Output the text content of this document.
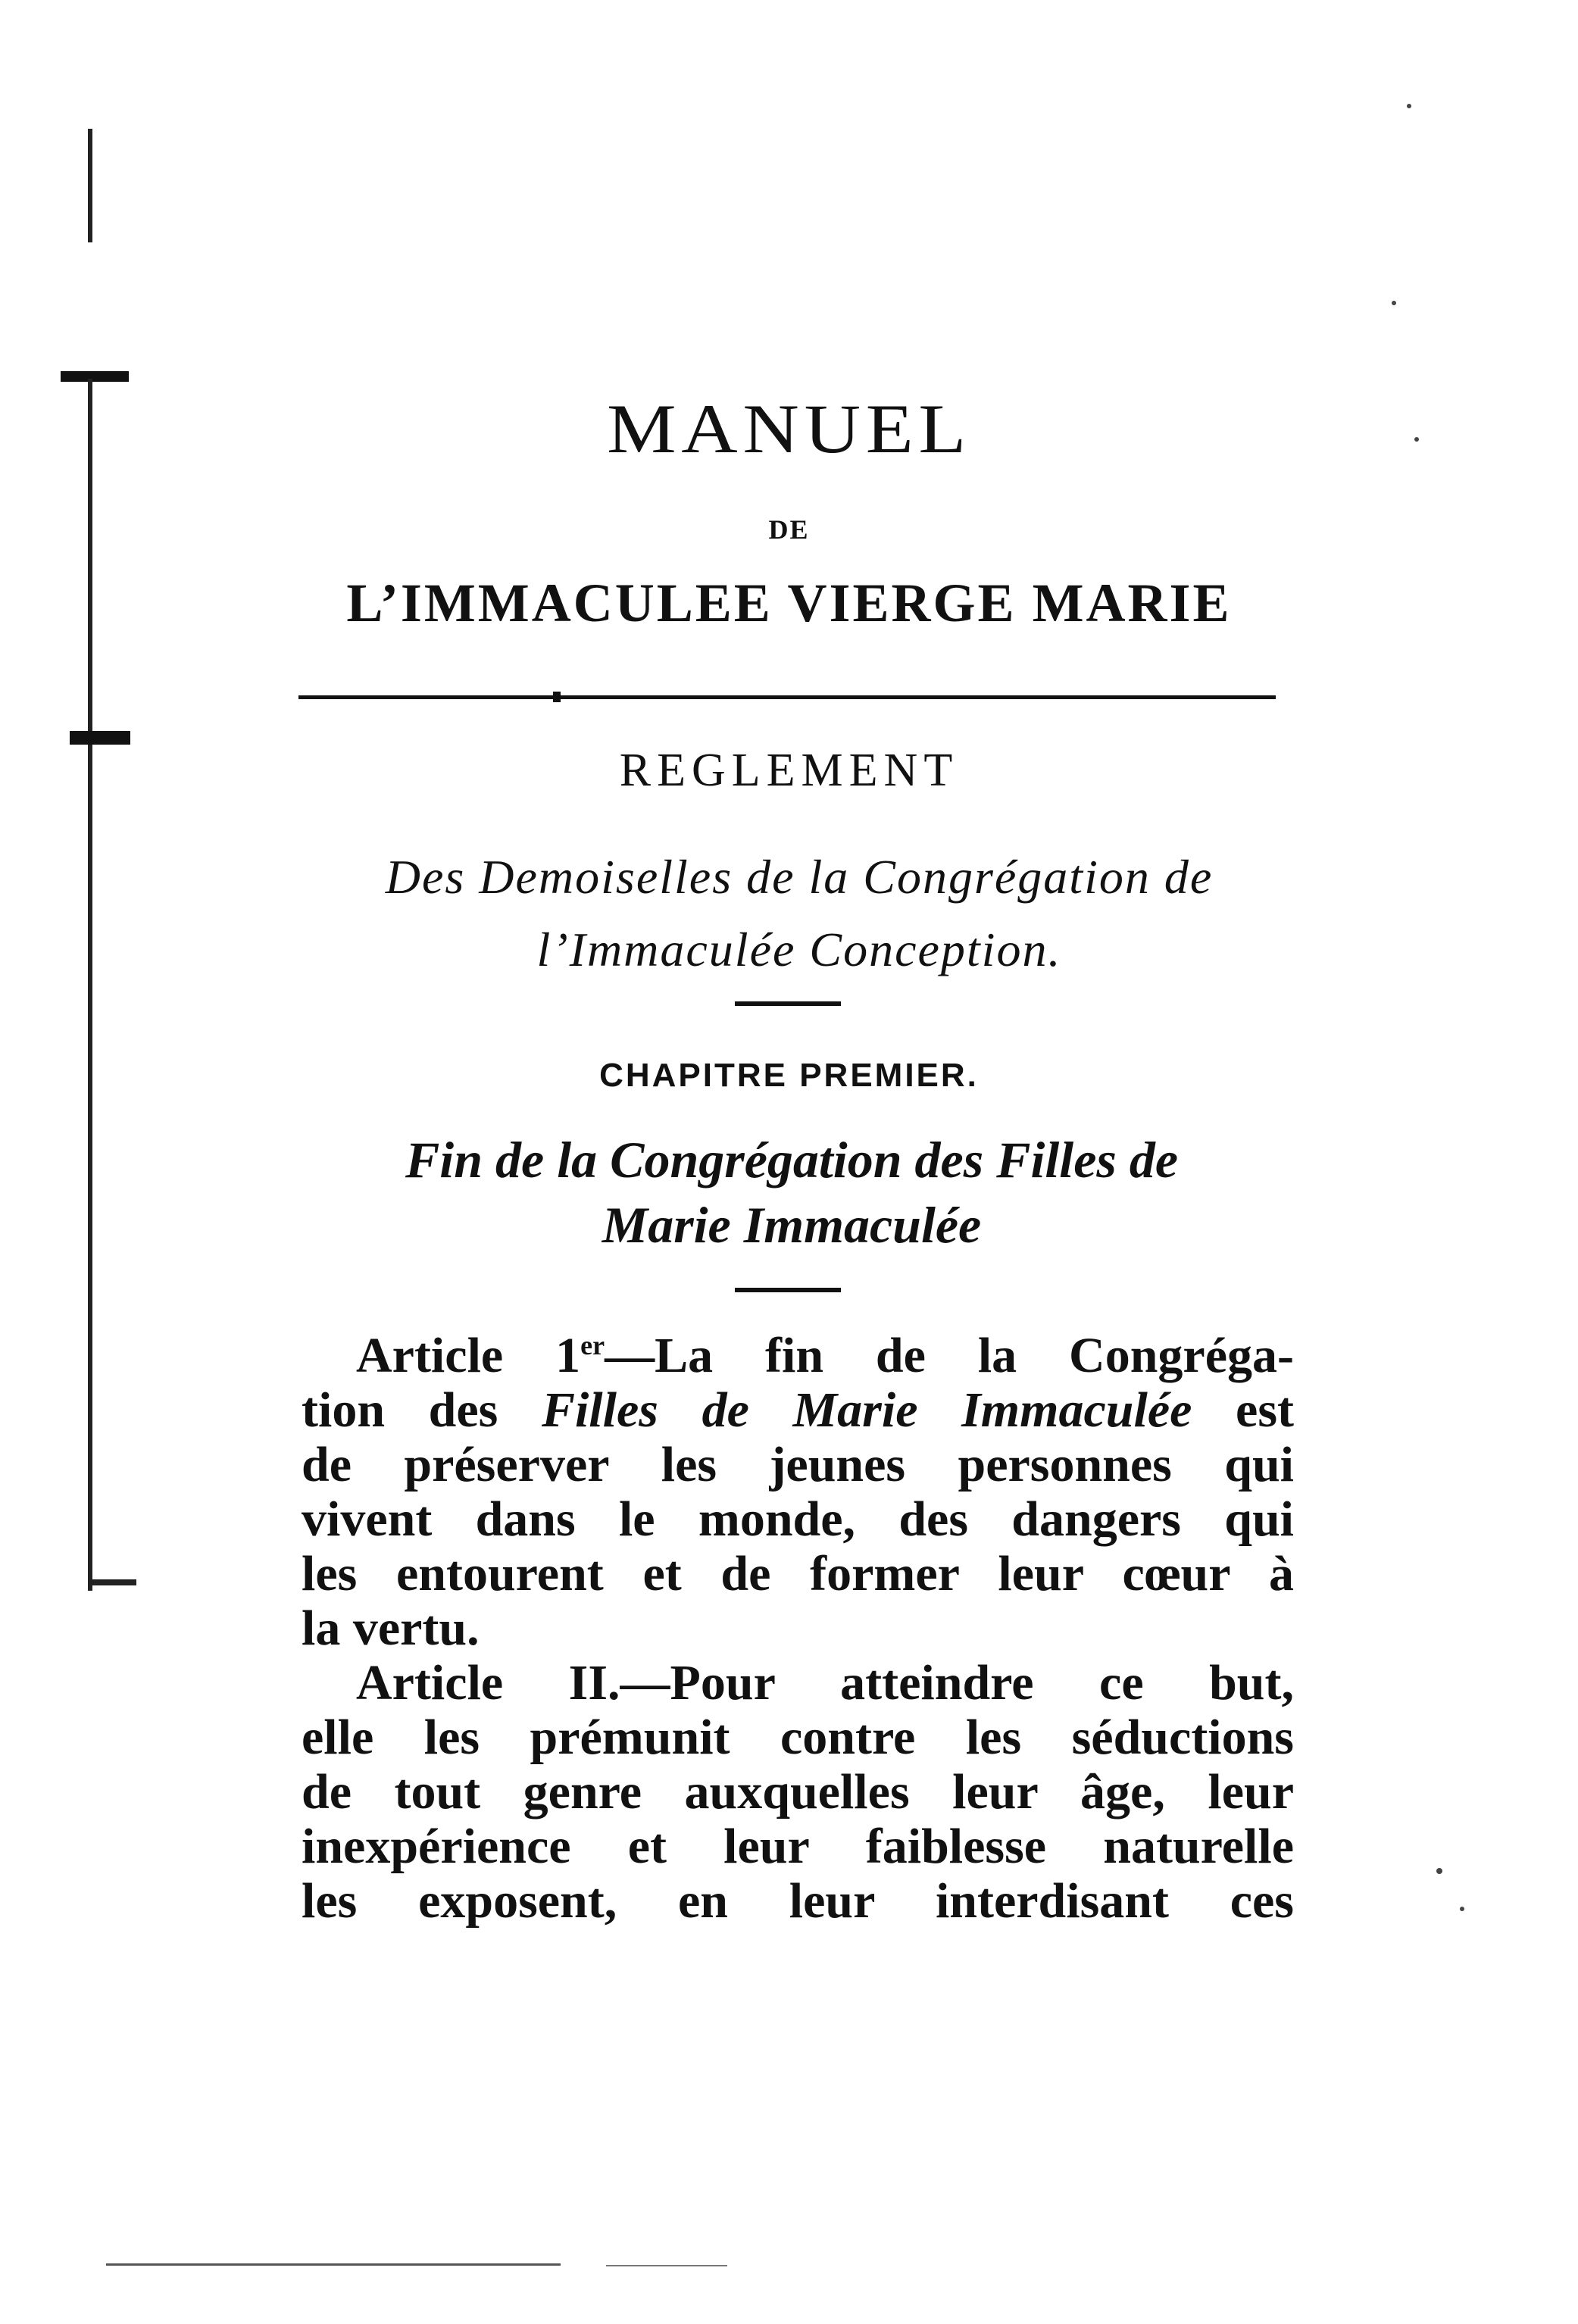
MANUEL
DE
L’IMMACULEE VIERGE MARIE
REGLEMENT
Des Demoiselles de la Congrégation de
l’Immaculée Conception.
CHAPITRE PREMIER.
Fin de la Congrégation des Filles de
Marie Immaculée
Article 1er—La fin de la Congréga-
tion des Filles de Marie Immaculée est
de préserver les jeunes personnes qui
vivent dans le monde, des dangers qui
les entourent et de former leur cœur à
la vertu.
Article II.—Pour atteindre ce but,
elle les prémunit contre les séductions
de tout genre auxquelles leur âge, leur
inexpérience et leur faiblesse naturelle
les exposent, en leur interdisant ces
